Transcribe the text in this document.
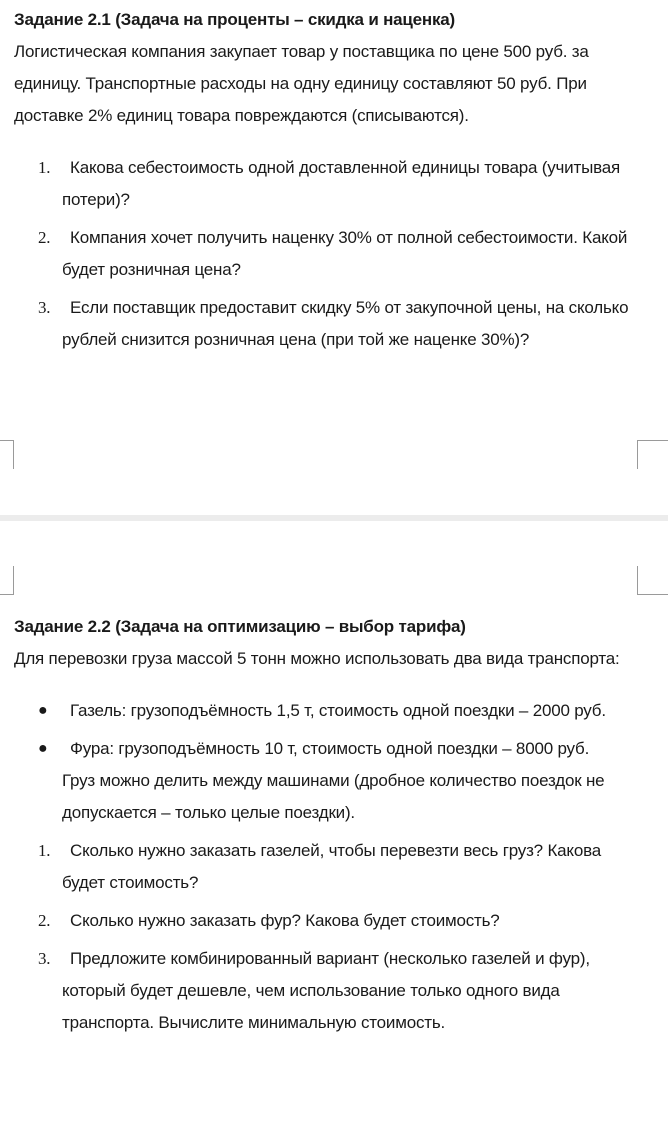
Задание 2.1 (Задача на проценты – скидка и наценка)

Логистическая компания закупает товар у поставщика по цене 500 руб. за единицу. Транспортные расходы на одну единицу составляют 50 руб. При доставке 2% единиц товара повреждаются (списываются).

1.	Какова себестоимость одной доставленной единицы товара (учитывая потери)?
2.	Компания хочет получить наценку 30% от полной себестоимости. Какой будет розничная цена?
3.	Если поставщик предоставит скидку 5% от закупочной цены, на сколько рублей снизится розничная цена (при той же наценке 30%)?

Задание 2.2 (Задача на оптимизацию – выбор тарифа)

Для перевозки груза массой 5 тонн можно использовать два вида транспорта:

●	Газель: грузоподъёмность 1,5 т, стоимость одной поездки – 2000 руб.
●	Фура: грузоподъёмность 10 т, стоимость одной поездки – 8000 руб.
Груз можно делить между машинами (дробное количество поездок не допускается – только целые поездки).
1.	Сколько нужно заказать газелей, чтобы перевезти весь груз? Какова будет стоимость?
2.	Сколько нужно заказать фур? Какова будет стоимость?
3.	Предложите комбинированный вариант (несколько газелей и фур), который будет дешевле, чем использование только одного вида транспорта. Вычислите минимальную стоимость.
